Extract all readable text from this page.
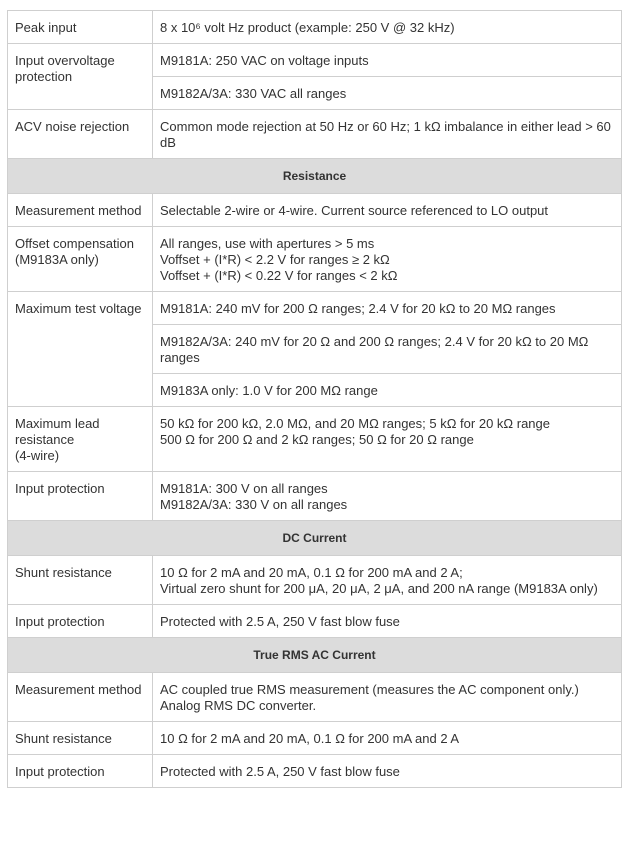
Peak input	8 x 10⁶ volt Hz product (example: 250 V @ 32 kHz)

Input overvoltage protection	M9181A: 250 VAC on voltage inputs

	M9182A/3A: 330 VAC all ranges

ACV noise rejection	Common mode rejection at 50 Hz or 60 Hz; 1 kΩ imbalance in either lead > 60 dB

Resistance	
Measurement method	Selectable 2-wire or 4-wire. Current source referenced to LO output

Offset compensation (M9183A only)	All ranges, use with apertures > 5 ms
Voffset + (I*R) < 2.2 V for ranges ≥ 2 kΩ
Voffset + (I*R) < 0.22 V for ranges < 2 kΩ

Maximum test voltage	M9181A: 240 mV for 200 Ω ranges; 2.4 V for 20 kΩ to 20 MΩ ranges

	M9182A/3A: 240 mV for 20 Ω and 200 Ω ranges; 2.4 V for 20 kΩ to 20 MΩ ranges

	M9183A only: 1.0 V for 200 MΩ range

Maximum lead resistance
(4-wire)	50 kΩ for 200 kΩ, 2.0 MΩ, and 20 MΩ ranges; 5 kΩ for 20 kΩ range
500 Ω for 200 Ω and 2 kΩ ranges; 50 Ω for 20 Ω range

Input protection	M9181A: 300 V on all ranges
M9182A/3A: 330 V on all ranges

DC Current	
Shunt resistance	10 Ω for 2 mA and 20 mA, 0.1 Ω for 200 mA and 2 A;
Virtual zero shunt for 200 μA, 20 μA, 2 μA, and 200 nA range (M9183A only)

Input protection	Protected with 2.5 A, 250 V fast blow fuse

True RMS AC Current	
Measurement method	AC coupled true RMS measurement (measures the AC component only.)
Analog RMS DC converter.

Shunt resistance	10 Ω for 2 mA and 20 mA, 0.1 Ω for 200 mA and 2 A

Input protection	Protected with 2.5 A, 250 V fast blow fuse
